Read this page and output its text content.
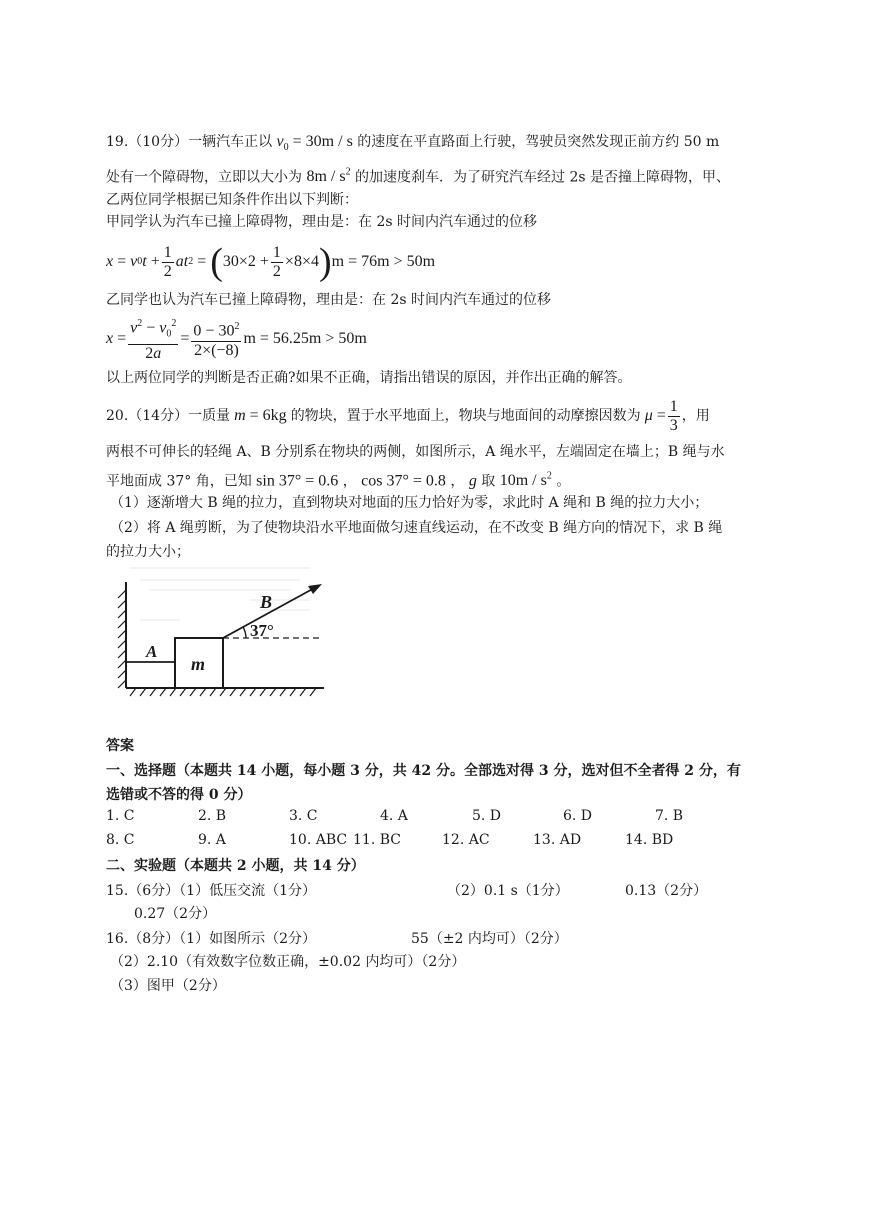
19.（10分）一辆汽车正以 $v_0 = 30m / s$ 的速度在平直路面上行驶，驾驶员突然发现正前方约 50 m
处有一个障碍物，立即以大小为 $8m / s^2$ 的加速度刹车．为了研究汽车经过 2s 是否撞上障碍物，甲、
乙两位同学根据已知条件作出以下判断：
甲同学认为汽车已撞上障碍物，理由是：在 2s 时间内汽车通过的位移
x = v 0 $t + \frac{1}{2}$ at 2 = ( $30\times 2 + \frac{1}{2} \times 8\times 4$ ) m = 76m > 50m
乙同学也认为汽车已撞上障碍物，理由是：在 2s 时间内汽车通过的位移
$x = \frac{v^2 - v_0^2}{2a} = \frac{0 - 30^2}{2\times(-8)}$ m = 56.25m > 50m
以上两位同学的判断是否正确?如果不正确，请指出错误的原因，并作出正确的解答。
20.（14分）一质量 m = 6kg 的物块，置于水平地面上，物块与地面间的动摩擦因数为
$\mu = \frac{1}{3}$ ，用
两根不可伸长的轻绳 A、B 分别系在物块的两侧，如图所示，A 绳水平，左端固定在墙上；B 绳与水
平地面成 37° 角，已知 sin 37° = 0.6 ， cos 37° = 0.8 ， g 取 $10m / s^2$ 。
（1）逐渐增大 B 绳的拉力，直到物块对地面的压力恰好为零，求此时 A 绳和 B 绳的拉力大小；
（2）将 A 绳剪断，为了使物块沿水平地面做匀速直线运动，在不改变 B 绳方向的情况下，求 B 绳
的拉力大小；
m
A
B
37°
答案
一、选择题（本题共 14 小题，每小题 3 分，共 42 分。全部选对得 3 分，选对但不全者得 2 分，有
选错或不答的得 0 分）
1. C	2. B	3. C	4. A	5. D	6. D	7. B
8. C	9. A	10. ABC 11. BC	12. AC	13. AD	14. BD
二、实验题（本题共 2 小题，共 14 分）
15.（6分）（1）低压交流（1分）	（2）0.1 s（1分）	0.13（2分）
0.27（2分）
16.（8分）（1）如图所示（2分）	55（±2 内均可）（2分）
（2）2.10（有效数字位数正确，±0.02 内均可）（2分）
（3）图甲（2分）
